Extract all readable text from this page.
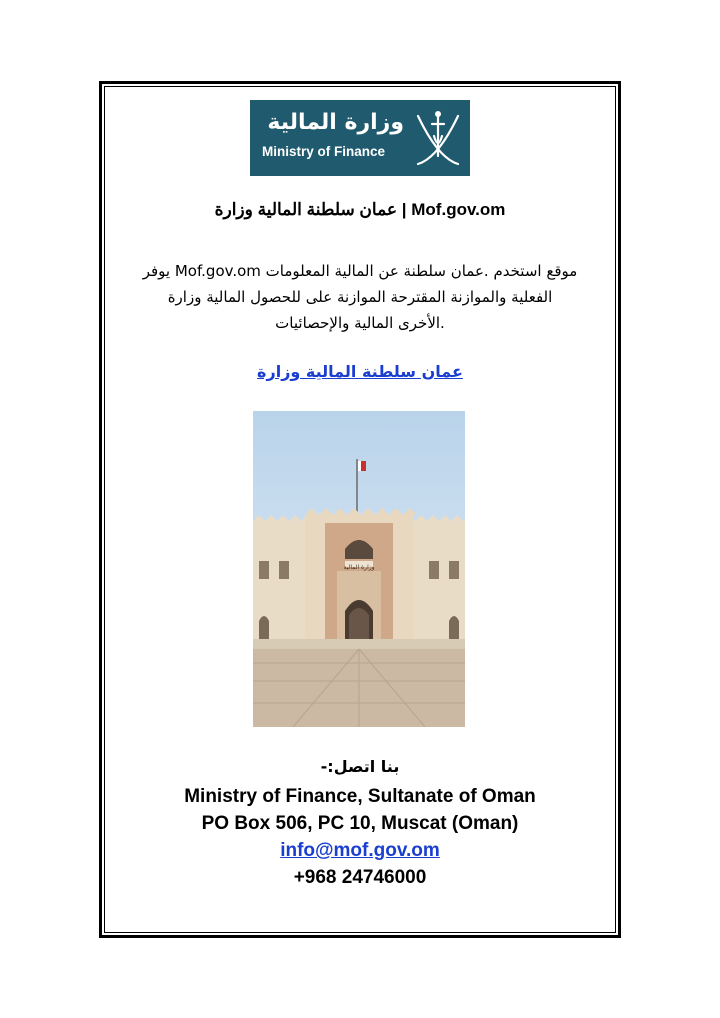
وزارة المالية
Ministry of Finance
عمان سلطنة المالية وزارة | Mof.gov.om
موقع استخدم .عمان سلطنة عن المالية المعلومات Mof.gov.om يوفر
الفعلية والموازنة المقترحة الموازنة على للحصول المالية وزارة
.الأخرى المالية والإحصائيات
عمان سلطنة المالية وزارة
وزارة المالية
-:بنا اتصل
Ministry of Finance, Sultanate of Oman
PO Box 506, PC 10, Muscat (Oman)
info@mof.gov.om
+968 24746000
